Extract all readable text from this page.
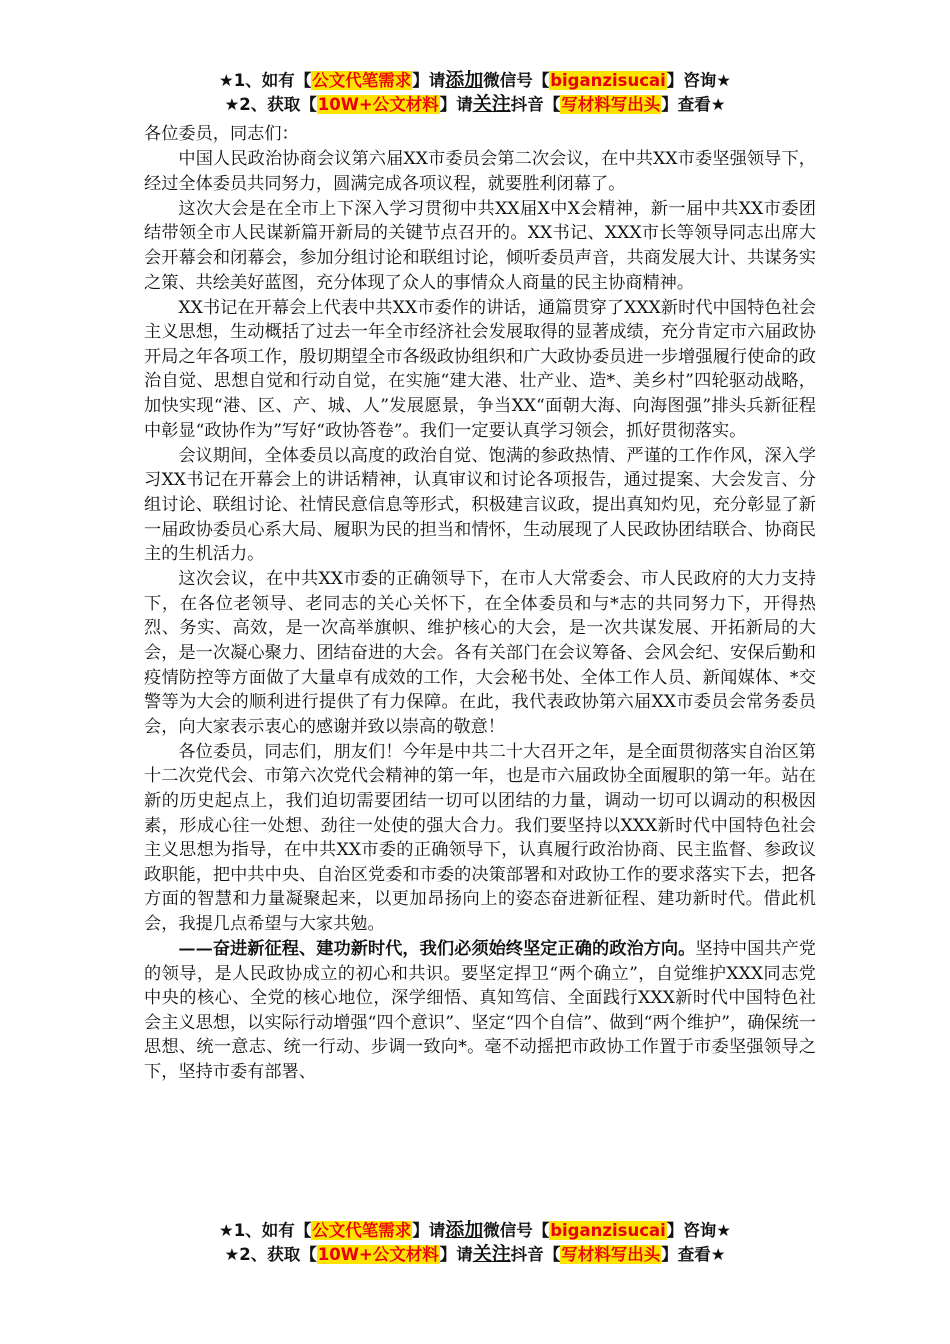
★1、如有【公文代笔需求】请添加微信号【biganzisucai】咨询★
★2、获取【10W+公文材料】请关注抖音【写材料写出头】查看★

各位委员，同志们：

中国人民政治协商会议第六届XX市委员会第二次会议，在中共XX市委坚强领导下，经过全体委员共同努力，圆满完成各项议程，就要胜利闭幕了。

这次大会是在全市上下深入学习贯彻中共XX届X中X会精神，新一届中共XX市委团结带领全市人民谋新篇开新局的关键节点召开的。XX书记、XXX市长等领导同志出席大会开幕会和闭幕会，参加分组讨论和联组讨论，倾听委员声音，共商发展大计、共谋务实之策、共绘美好蓝图，充分体现了众人的事情众人商量的民主协商精神。

XX书记在开幕会上代表中共XX市委作的讲话，通篇贯穿了XXX新时代中国特色社会主义思想，生动概括了过去一年全市经济社会发展取得的显著成绩，充分肯定市六届政协开局之年各项工作，殷切期望全市各级政协组织和广大政协委员进一步增强履行使命的政治自觉、思想自觉和行动自觉，在实施“建大港、壮产业、造*、美乡村”四轮驱动战略，加快实现“港、区、产、城、人”发展愿景，争当XX“面朝大海、向海图强”排头兵新征程中彰显“政协作为”写好“政协答卷”。我们一定要认真学习领会，抓好贯彻落实。

会议期间，全体委员以高度的政治自觉、饱满的参政热情、严谨的工作作风，深入学习XX书记在开幕会上的讲话精神，认真审议和讨论各项报告，通过提案、大会发言、分组讨论、联组讨论、社情民意信息等形式，积极建言议政，提出真知灼见，充分彰显了新一届政协委员心系大局、履职为民的担当和情怀，生动展现了人民政协团结联合、协商民主的生机活力。

这次会议，在中共XX市委的正确领导下，在市人大常委会、市人民政府的大力支持下，在各位老领导、老同志的关心关怀下，在全体委员和与*志的共同努力下，开得热烈、务实、高效，是一次高举旗帜、维护核心的大会，是一次共谋发展、开拓新局的大会，是一次凝心聚力、团结奋进的大会。各有关部门在会议筹备、会风会纪、安保后勤和疫情防控等方面做了大量卓有成效的工作，大会秘书处、全体工作人员、新闻媒体、*交警等为大会的顺利进行提供了有力保障。在此，我代表政协第六届XX市委员会常务委员会，向大家表示衷心的感谢并致以崇高的敬意！

各位委员，同志们，朋友们！今年是中共二十大召开之年，是全面贯彻落实自治区第十二次党代会、市第六次党代会精神的第一年，也是市六届政协全面履职的第一年。站在新的历史起点上，我们迫切需要团结一切可以团结的力量，调动一切可以调动的积极因素，形成心往一处想、劲往一处使的强大合力。我们要坚持以XXX新时代中国特色社会主义思想为指导，在中共XX市委的正确领导下，认真履行政治协商、民主监督、参政议政职能，把中共中央、自治区党委和市委的决策部署和对政协工作的要求落实下去，把各方面的智慧和力量凝聚起来，以更加昂扬向上的姿态奋进新征程、建功新时代。借此机会，我提几点希望与大家共勉。

——奋进新征程、建功新时代，我们必须始终坚定正确的政治方向。坚持中国共产党的领导，是人民政协成立的初心和共识。要坚定捍卫“两个确立”，自觉维护XXX同志党中央的核心、全党的核心地位，深学细悟、真知笃信、全面践行XXX新时代中国特色社会主义思想，以实际行动增强“四个意识”、坚定“四个自信”、做到“两个维护”，确保统一思想、统一意志、统一行动、步调一致向*。毫不动摇把市政协工作置于市委坚强领导之下，坚持市委有部署、

★1、如有【公文代笔需求】请添加微信号【biganzisucai】咨询★
★2、获取【10W+公文材料】请关注抖音【写材料写出头】查看★
